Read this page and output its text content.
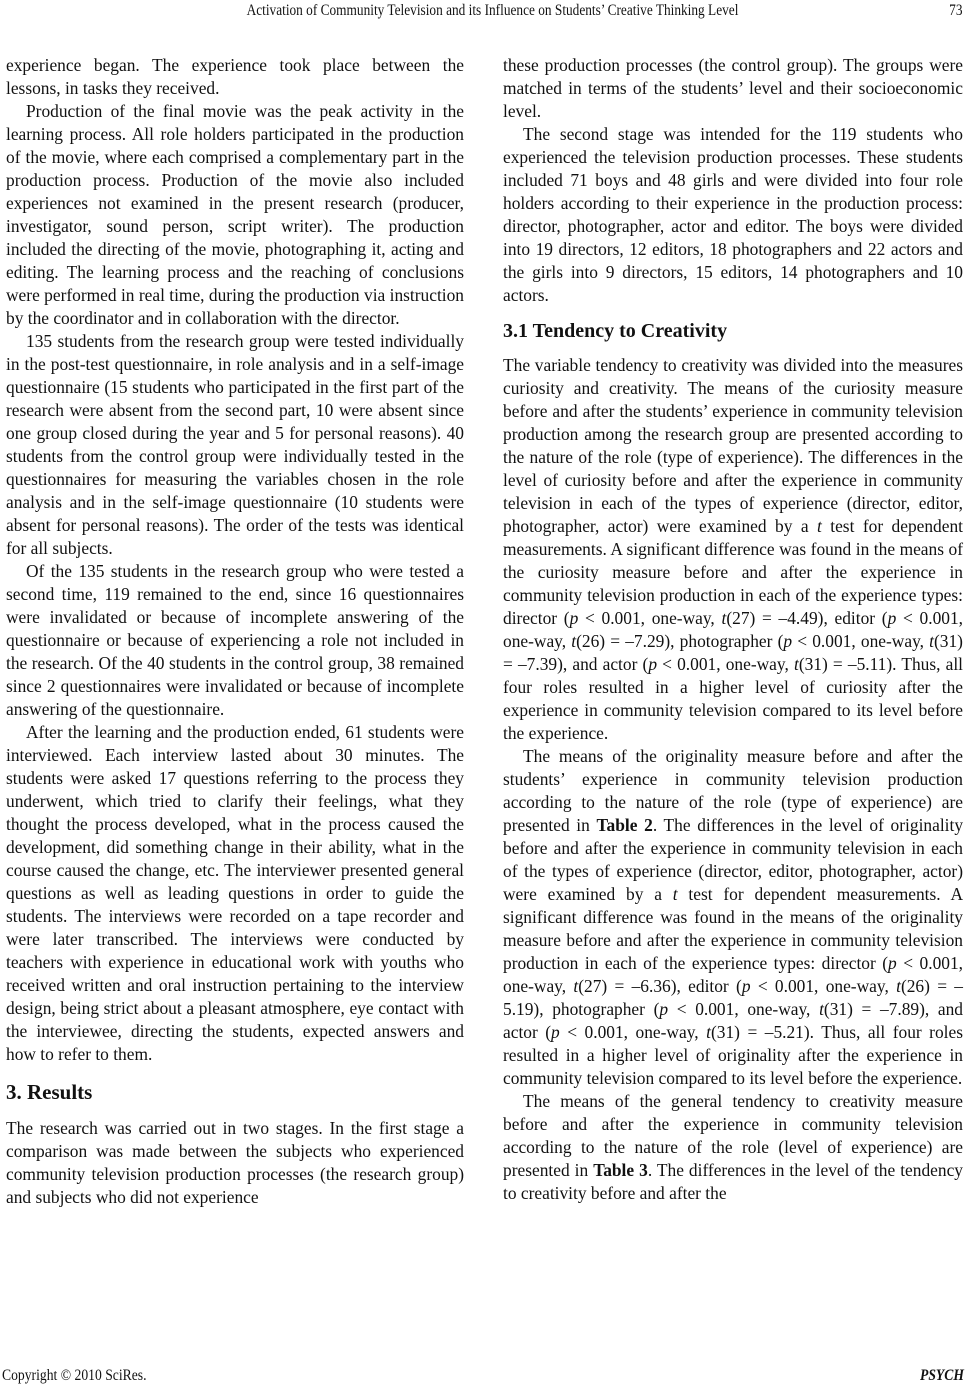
Activation of Community Television and its Influence on Students’ Creative Thinking Level	73

experience began. The experience took place between the lessons, in tasks they received.

Production of the final movie was the peak activity in the learning process. All role holders participated in the production of the movie, where each comprised a complementary part in the production process. Production of the movie also included experiences not examined in the present research (producer, investigator, sound person, script writer). The production included the directing of the movie, photographing it, acting and editing. The learning process and the reaching of conclusions were performed in real time, during the production via instruction by the coordinator and in collaboration with the director.

135 students from the research group were tested individually in the post-test questionnaire, in role analysis and in a self-image questionnaire (15 students who participated in the first part of the research were absent from the second part, 10 were absent since one group closed during the year and 5 for personal reasons). 40 students from the control group were individually tested in the questionnaires for measuring the variables chosen in the role analysis and in the self-image questionnaire (10 students were absent for personal reasons). The order of the tests was identical for all subjects.

Of the 135 students in the research group who were tested a second time, 119 remained to the end, since 16 questionnaires were invalidated or because of incomplete answering of the questionnaire or because of experiencing a role not included in the research. Of the 40 students in the control group, 38 remained since 2 questionnaires were invalidated or because of incomplete answering of the questionnaire.

After the learning and the production ended, 61 students were interviewed. Each interview lasted about 30 minutes. The students were asked 17 questions referring to the process they underwent, which tried to clarify their feelings, what they thought the process developed, what in the process caused the development, did something change in their ability, what in the course caused the change, etc. The interviewer presented general questions as well as leading questions in order to guide the students. The interviews were recorded on a tape recorder and were later transcribed. The interviews were conducted by teachers with experience in educational work with youths who received written and oral instruction pertaining to the interview design, being strict about a pleasant atmosphere, eye contact with the interviewee, directing the students, expected answers and how to refer to them.

3. Results

The research was carried out in two stages. In the first stage a comparison was made between the subjects who experienced community television production processes (the research group) and subjects who did not experience

these production processes (the control group). The groups were matched in terms of the students’ level and their socioeconomic level.

The second stage was intended for the 119 students who experienced the television production processes. These students included 71 boys and 48 girls and were divided into four role holders according to their experience in the production process: director, photographer, actor and editor. The boys were divided into 19 directors, 12 editors, 18 photographers and 22 actors and the girls into 9 directors, 15 editors, 14 photographers and 10 actors.

3.1 Tendency to Creativity

The variable tendency to creativity was divided into the measures curiosity and creativity. The means of the curiosity measure before and after the students’ experience in community television production among the research group are presented according to the nature of the role (type of experience). The differences in the level of curiosity before and after the experience in community television in each of the types of experience (director, editor, photographer, actor) were examined by a t test for dependent measurements. A significant difference was found in the means of the curiosity measure before and after the experience in community television production in each of the experience types: director (p < 0.001, one-way, t(27) = –4.49), editor (p < 0.001, one-way, t(26) = –7.29), photographer (p < 0.001, one-way, t(31) = –7.39), and actor (p < 0.001, one-way, t(31) = –5.11). Thus, all four roles resulted in a higher level of curiosity after the experience in community television compared to its level before the experience.

The means of the originality measure before and after the students’ experience in community television production according to the nature of the role (type of experience) are presented in Table 2. The differences in the level of originality before and after the experience in community television in each of the types of experience (director, editor, photographer, actor) were examined by a t test for dependent measurements. A significant difference was found in the means of the originality measure before and after the experience in community television production in each of the experience types: director (p < 0.001, one-way, t(27) = –6.36), editor (p < 0.001, one-way, t(26) = –5.19), photographer (p < 0.001, one-way, t(31) = –7.89), and actor (p < 0.001, one-way, t(31) = –5.21). Thus, all four roles resulted in a higher level of originality after the experience in community television compared to its level before the experience.

The means of the general tendency to creativity measure before and after the experience in community television according to the nature of the role (level of experience) are presented in Table 3. The differences in the level of the tendency to creativity before and after the

Copyright © 2010 SciRes.	PSYCH
